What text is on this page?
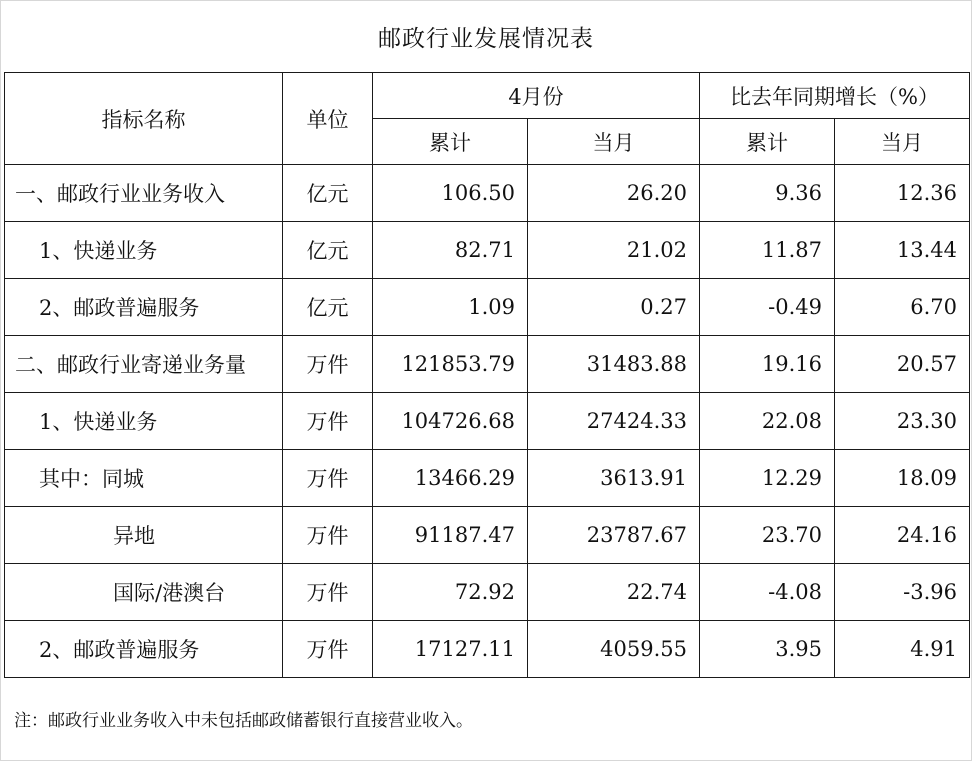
邮政行业发展情况表
指标名称	单位	4月份		比去年同期增长（%）	
		累计	当月	累计	当月
一、邮政行业业务收入	亿元	106.50	26.20	9.36	12.36
1、快递业务	亿元	82.71	21.02	11.87	13.44
2、邮政普遍服务	亿元	1.09	0.27	-0.49	6.70
二、邮政行业寄递业务量	万件	121853.79	31483.88	19.16	20.57
1、快递业务	万件	104726.68	27424.33	22.08	23.30
其中：同城	万件	13466.29	3613.91	12.29	18.09
异地	万件	91187.47	23787.67	23.70	24.16
国际/港澳台	万件	72.92	22.74	-4.08	-3.96
2、邮政普遍服务	万件	17127.11	4059.55	3.95	4.91
注：邮政行业业务收入中未包括邮政储蓄银行直接营业收入。
